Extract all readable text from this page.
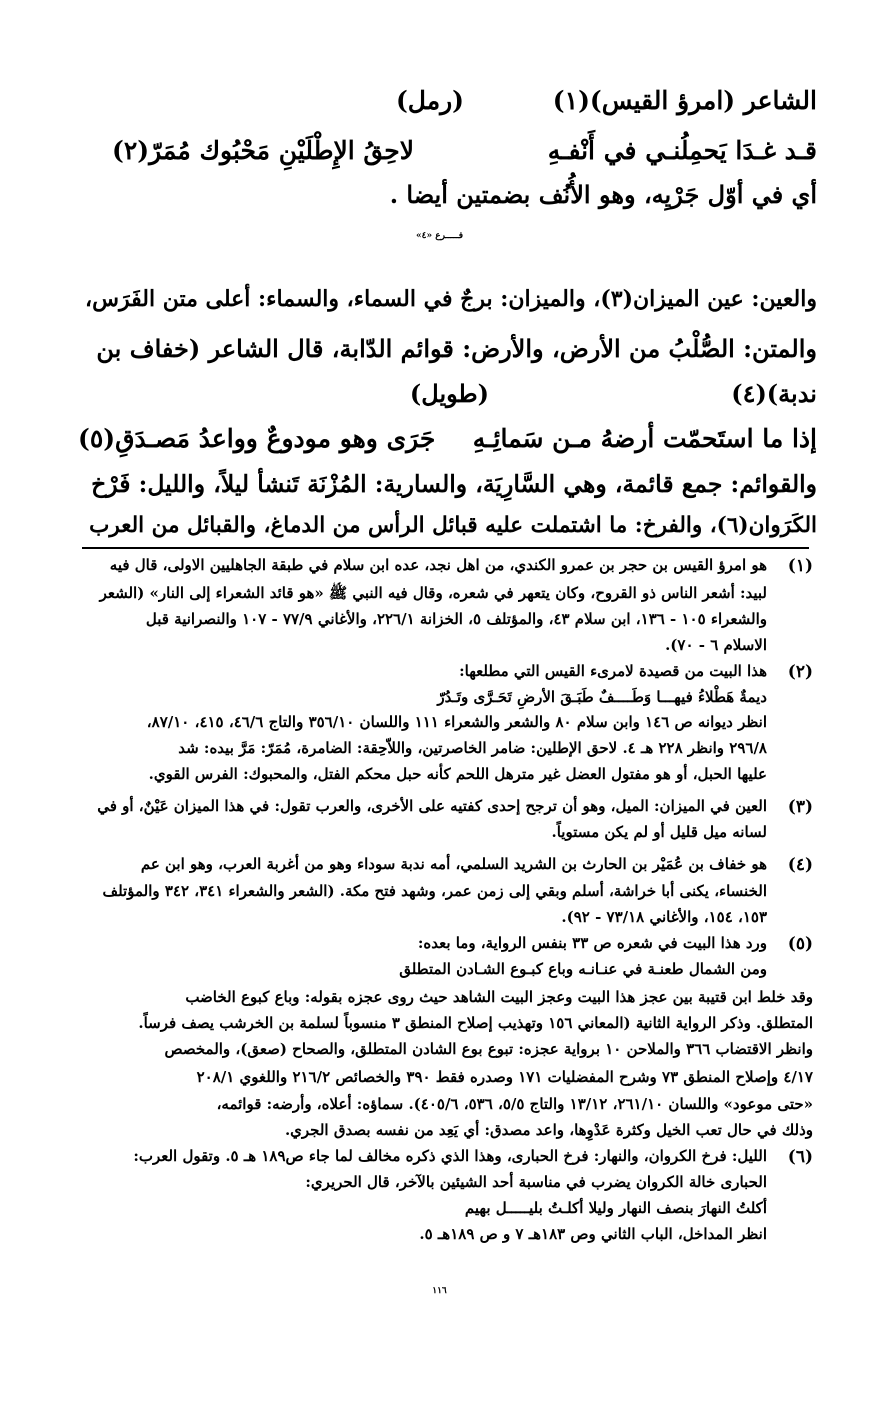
الشاعر (امرؤ القيس)(١)
(رمل)
قـد غـدَا يَحمِلُنـي في أَنْفـهِ
لاحِقُ الإِطْلَيْنِ مَحْبُوك مُمَرّ(٢)
أي في أوّل جَرْيِه، وهو الأُنُف بضمتين أيضا .
فـــــرع «٤»
والعين: عين الميزان(٣)، والميزان: برجٌ في السماء، والسماء: أعلى متن الفَرَس،
والمتن: الصُّلْبُ من الأرض، والأرض: قوائم الدّابة، قال الشاعر (خفاف بن
ندبة)(٤)
(طويل)
إذا ما استَحمّت أرضهُ مـن سَمائِـهِ
جَرَى وهو مودوعٌ وواعدُ مَصـدَقِ(٥)
والقوائم: جمع قائمة، وهي السَّارِيَة، والسارية: المُزْنَة تَنشأ ليلاً، والليل: فَرْخ
الكَرَوان(٦)، والفرخ: ما اشتملت عليه قبائل الرأس من الدماغ، والقبائل من العرب
(١)
هو امرؤ القيس بن حجر بن عمرو الكندي، من اهل نجد، عده ابن سلام في طبقة الجاهليين الاولى، قال فيه
لبيد: أشعر الناس ذو القروح، وكان يتعهر في شعره، وقال فيه النبي ﷺ «هو قائد الشعراء إلى النار» (الشعر
والشعراء ١٠٥ - ١٣٦، ابن سلام ٤٣، والمؤتلف ٥، الخزانة ٢٢٦/١، والأغاني ٧٧/٩ - ١٠٧ والنصرانية قبل
الاسلام ٦ - ٧٠).
(٢)
هذا البيت من قصيدة لامرىء القيس التي مطلعها:
ديمةٌ هَطْلاءُ فيهـــا وَطَــــفٌ طَبَـقَ الأرضِ تَحَـرَّى وتَـدُرّ
انظر ديوانه ص ١٤٦ وابن سلام ٨٠ والشعر والشعراء ١١١ واللسان ٣٥٦/١٠ والتاج ٤٦/٦، ٤١٥، ٨٧/١٠،
٢٩٦/٨ وانظر ٢٢٨ هـ ٤. لاحق الإطلين: ضامر الخاصرتين، واللاّحِقة: الضامرة، مُمَرّ: مَرَّ بيده: شد
عليها الحبل، أو هو مفتول العضل غير مترهل اللحم كأنه حبل محكم الفتل، والمحبوك: الفرس القوي.
(٣)
العين في الميزان: الميل، وهو أن ترجح إحدى كفتيه على الأخرى، والعرب تقول: في هذا الميزان عَيْنٌ، أو في
لسانه ميل قليل أو لم يكن مستوياً.
(٤)
هو خفاف بن عُمَيْر بن الحارث بن الشريد السلمي، أمه ندبة سوداء وهو من أغربة العرب، وهو ابن عم
الخنساء، يكنى أبا خراشة، أسلم وبقي إلى زمن عمر، وشهد فتح مكة. (الشعر والشعراء ٣٤١، ٣٤٢ والمؤتلف
١٥٣، ١٥٤، والأغاني ٧٣/١٨ - ٩٢).
(٥)
ورد هذا البيت في شعره ص ٣٣ بنفس الرواية، وما بعده:
ومن الشمال طعنـة في عنـانـه وباع كبـوع الشـادن المتطلق
وقد خلط ابن قتيبة بين عجز هذا البيت وعجز البيت الشاهد حيث روى عجزه بقوله: وباع كبوع الخاضب
المتطلق. وذكر الرواية الثانية (المعاني ١٥٦ وتهذيب إصلاح المنطق ٣ منسوباً لسلمة بن الخرشب يصف فرساً.
وانظر الاقتضاب ٣٦٦ والملاحن ١٠ برواية عجزه: تبوع بوع الشادن المتطلق، والصحاح (صعق)، والمخصص
٤/١٧ وإصلاح المنطق ٧٣ وشرح المفضليات ١٧١ وصدره فقط ٣٩٠ والخصائص ٢١٦/٢ واللغوي ٢٠٨/١
«حتى موعود» واللسان ٢٦١/١٠، ١٣/١٢ والتاج ٥/٥، ٥٣٦، ٤٠٥/٦). سماؤه: أعلاه، وأرضه: قوائمه،
وذلك في حال تعب الخيل وكثرة عَدْوِها، واعد مصدق: أي يَعِد من نفسه بصدق الجري.
(٦)
الليل: فرخ الكروان، والنهار: فرخ الحبارى، وهذا الذي ذكره مخالف لما جاء ص١٨٩ هـ ٥. وتقول العرب:
الحبارى خالة الكروان يضرب في مناسبة أحد الشيئين بالآخر، قال الحريري:
أكلتُ النهارَ بنصف النهار وليلا أكلـتُ بليـــــل بهيم
انظر المداخل، الباب الثاني وص ١٨٣هـ ٧ و ص ١٨٩هـ ٥.
١١٦
